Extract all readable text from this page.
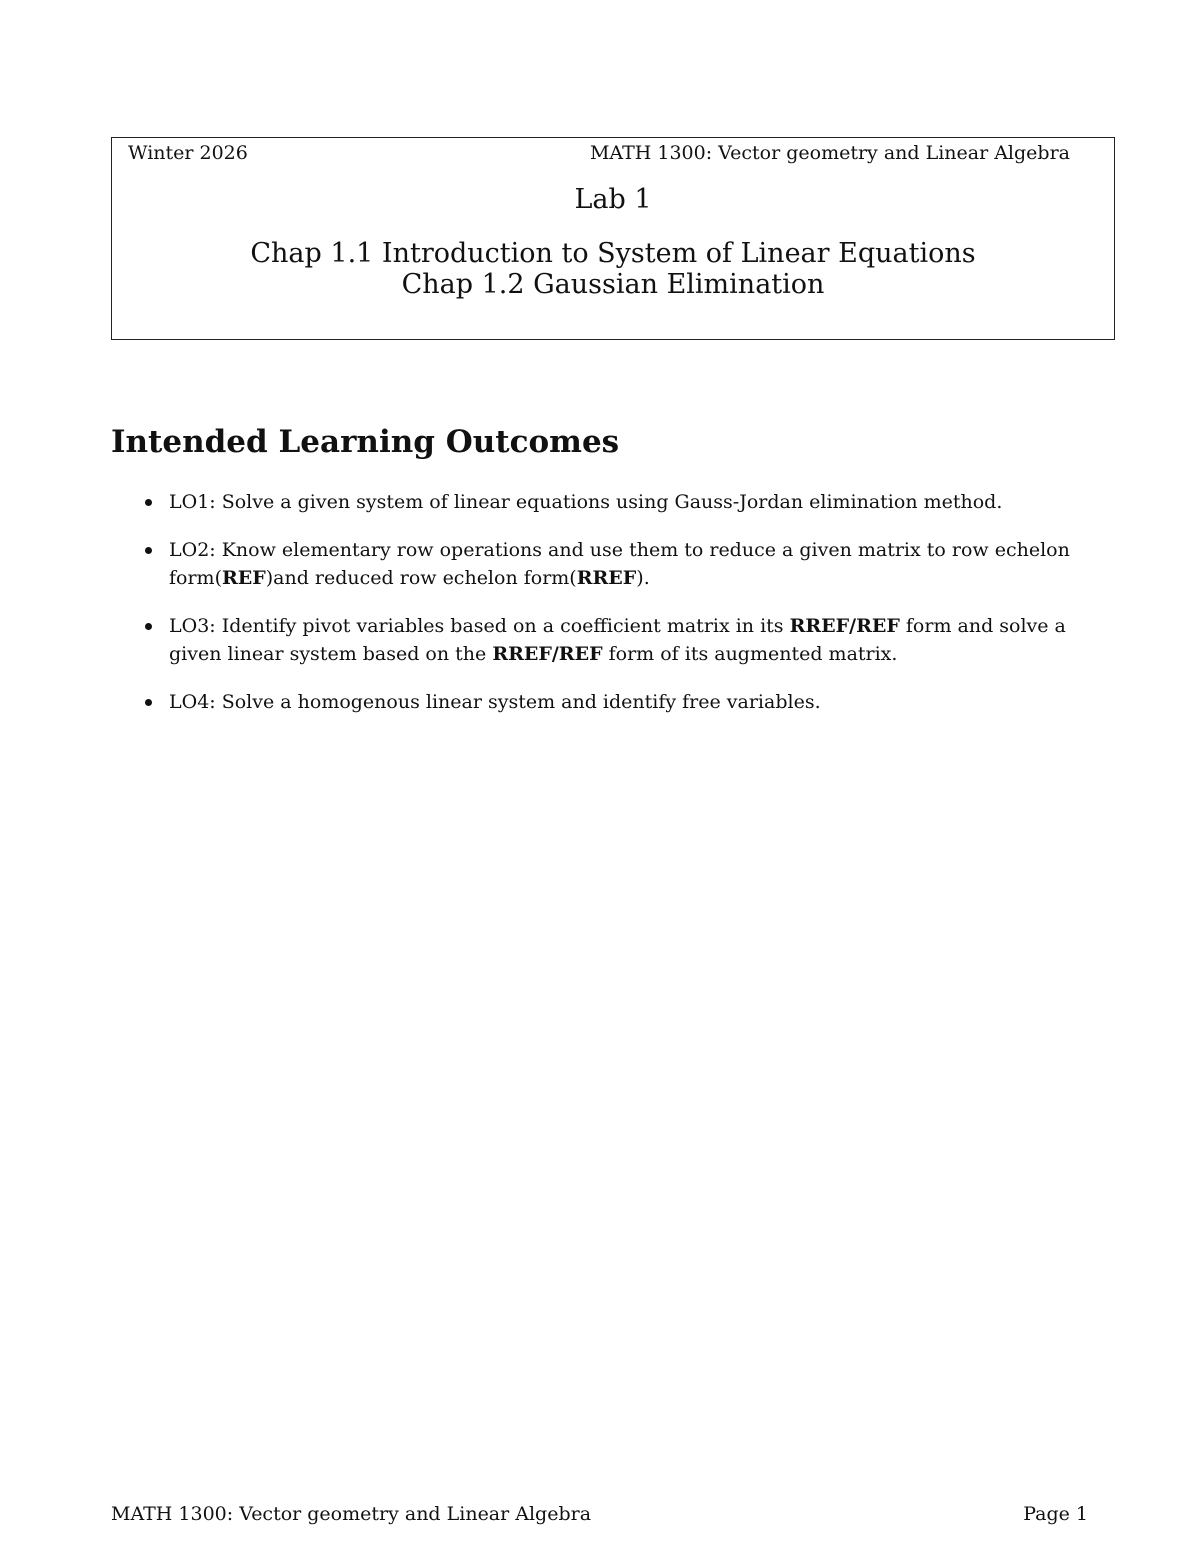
Winter 2026	MATH 1300: Vector geometry and Linear Algebra
Lab 1
Chap 1.1 Introduction to System of Linear Equations
Chap 1.2 Gaussian Elimination
Intended Learning Outcomes
LO1: Solve a given system of linear equations using Gauss-Jordan elimination method.
LO2: Know elementary row operations and use them to reduce a given matrix to row echelon form(REF)and reduced row echelon form(RREF).
LO3: Identify pivot variables based on a coefficient matrix in its RREF/REF form and solve a given linear system based on the RREF/REF form of its augmented matrix.
LO4: Solve a homogenous linear system and identify free variables.
MATH 1300: Vector geometry and Linear Algebra	Page 1
